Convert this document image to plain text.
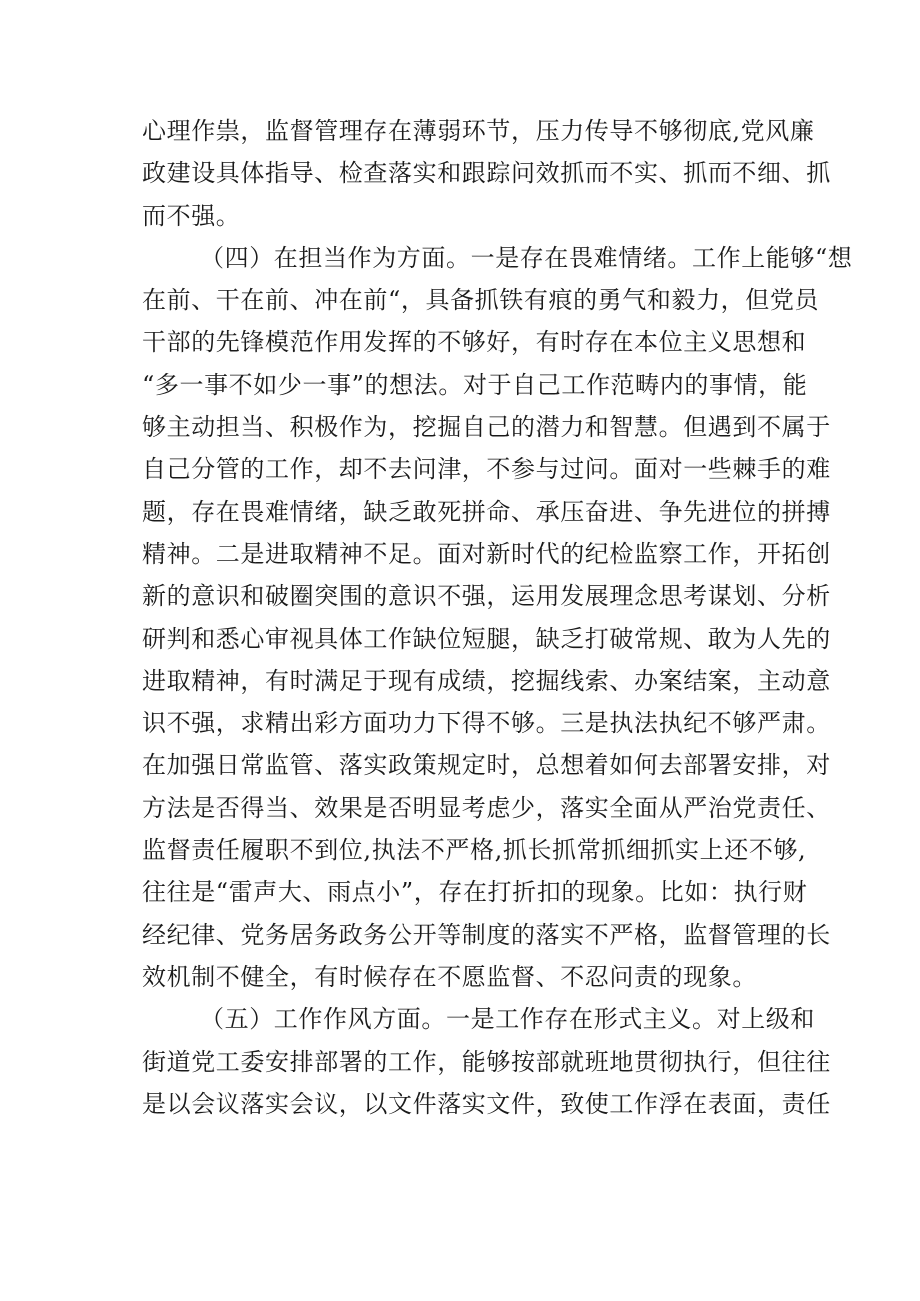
心理作祟，监督管理存在薄弱环节，压力传导不够彻底,党风廉
政建设具体指导、检查落实和跟踪问效抓而不实、抓而不细、抓
而不强。
（四）在担当作为方面。一是存在畏难情绪。工作上能够“想
在前、干在前、冲在前“，具备抓铁有痕的勇气和毅力，但党员
干部的先锋模范作用发挥的不够好，有时存在本位主义思想和
“多一事不如少一事”的想法。对于自己工作范畴内的事情，能
够主动担当、积极作为，挖掘自己的潜力和智慧。但遇到不属于
自己分管的工作，却不去问津，不参与过问。面对一些棘手的难
题，存在畏难情绪，缺乏敢死拼命、承压奋进、争先进位的拼搏
精神。二是进取精神不足。面对新时代的纪检监察工作，开拓创
新的意识和破圈突围的意识不强，运用发展理念思考谋划、分析
研判和悉心审视具体工作缺位短腿，缺乏打破常规、敢为人先的
进取精神，有时满足于现有成绩，挖掘线索、办案结案，主动意
识不强，求精出彩方面功力下得不够。三是执法执纪不够严肃。
在加强日常监管、落实政策规定时，总想着如何去部署安排，对
方法是否得当、效果是否明显考虑少，落实全面从严治党责任、
监督责任履职不到位,执法不严格,抓长抓常抓细抓实上还不够,
往往是“雷声大、雨点小”，存在打折扣的现象。比如：执行财
经纪律、党务居务政务公开等制度的落实不严格，监督管理的长
效机制不健全，有时候存在不愿监督、不忍问责的现象。
（五）工作作风方面。一是工作存在形式主义。对上级和
街道党工委安排部署的工作，能够按部就班地贯彻执行，但往往
是以会议落实会议，以文件落实文件，致使工作浮在表面，责任
